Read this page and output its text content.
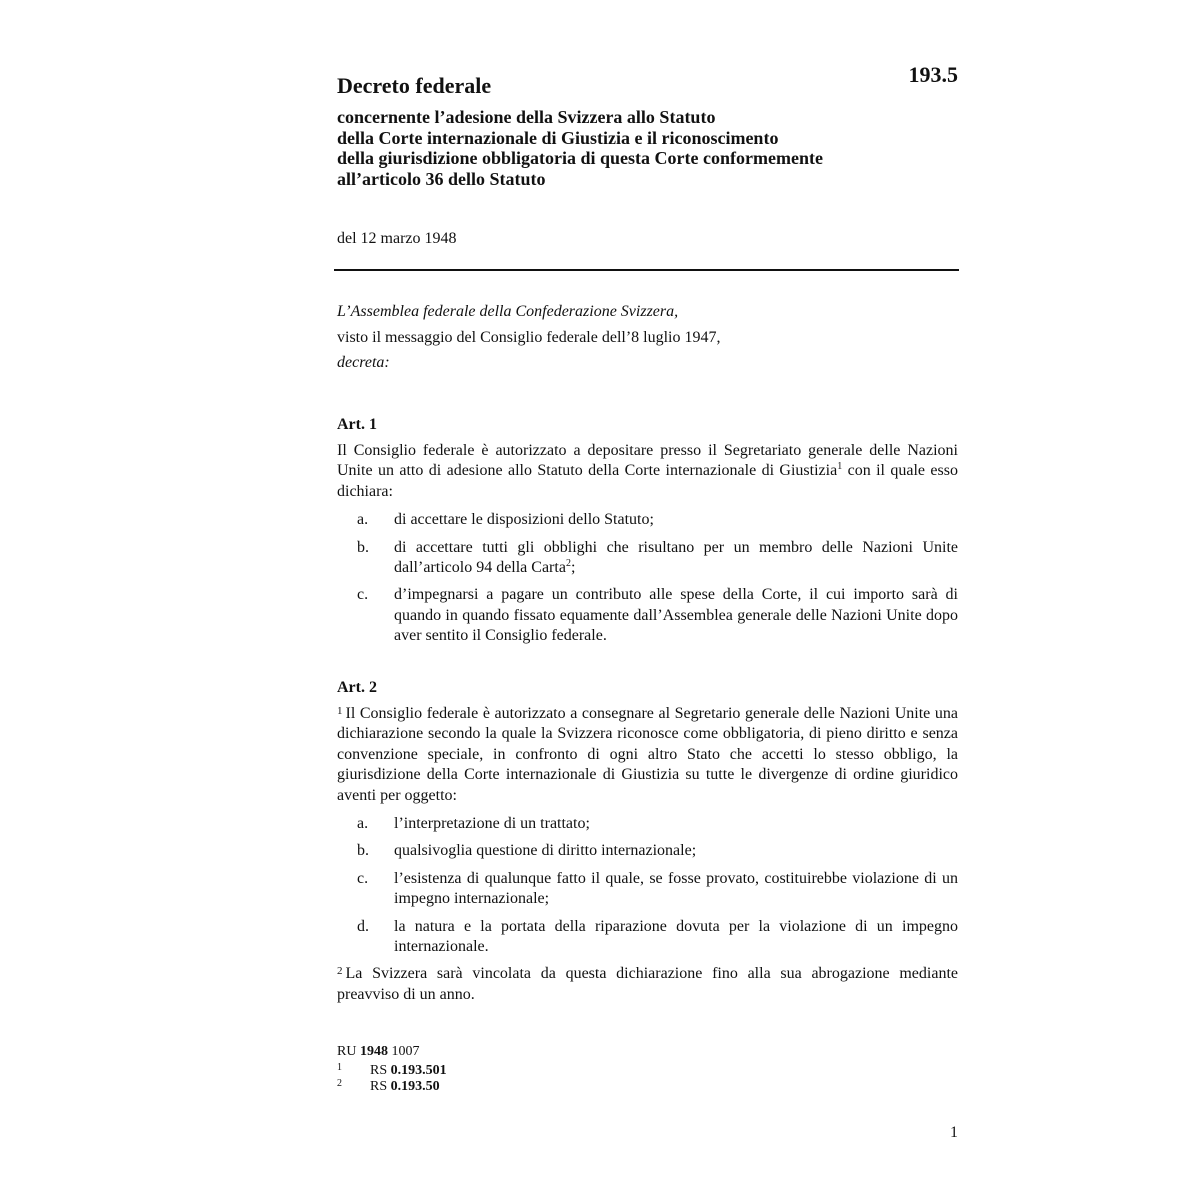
193.5

Decreto federale
concernente l’adesione della Svizzera allo Statuto
della Corte internazionale di Giustizia e il riconoscimento
della giurisdizione obbligatoria di questa Corte conformemente
all’articolo 36 dello Statuto

del 12 marzo 1948

L’Assemblea federale della Confederazione Svizzera,
visto il messaggio del Consiglio federale dell’8 luglio 1947,
decreta:
Art. 1

Il Consiglio federale è autorizzato a depositare presso il Segretariato generale delle Nazioni Unite un atto di adesione allo Statuto della Corte internazionale di Giustizia$^1$ con il quale esso dichiara:

a. di accettare le disposizioni dello Statuto;
b. di accettare tutti gli obblighi che risultano per un membro delle Nazioni Unite dall’articolo 94 della Carta$^2$;
c. d’impegnarsi a pagare un contributo alle spese della Corte, il cui importo sarà di quando in quando fissato equamente dall’Assemblea generale delle Nazioni Unite dopo aver sentito il Consiglio federale.
Art. 2

$^1$ Il Consiglio federale è autorizzato a consegnare al Segretario generale delle Nazioni Unite una dichiarazione secondo la quale la Svizzera riconosce come obbligatoria, di pieno diritto e senza convenzione speciale, in confronto di ogni altro Stato che accetti lo stesso obbligo, la giurisdizione della Corte internazionale di Giustizia su tutte le divergenze di ordine giuridico aventi per oggetto:

a. l’interpretazione di un trattato;
b. qualsivoglia questione di diritto internazionale;
c. l’esistenza di qualunque fatto il quale, se fosse provato, costituirebbe violazione di un impegno internazionale;
d. la natura e la portata della riparazione dovuta per la violazione di un impegno internazionale.

$^2$ La Svizzera sarà vincolata da questa dichiarazione fino alla sua abrogazione mediante preavviso di un anno.

RU 1948 1007
1 RS 0.193.501
2 RS 0.193.50

1
